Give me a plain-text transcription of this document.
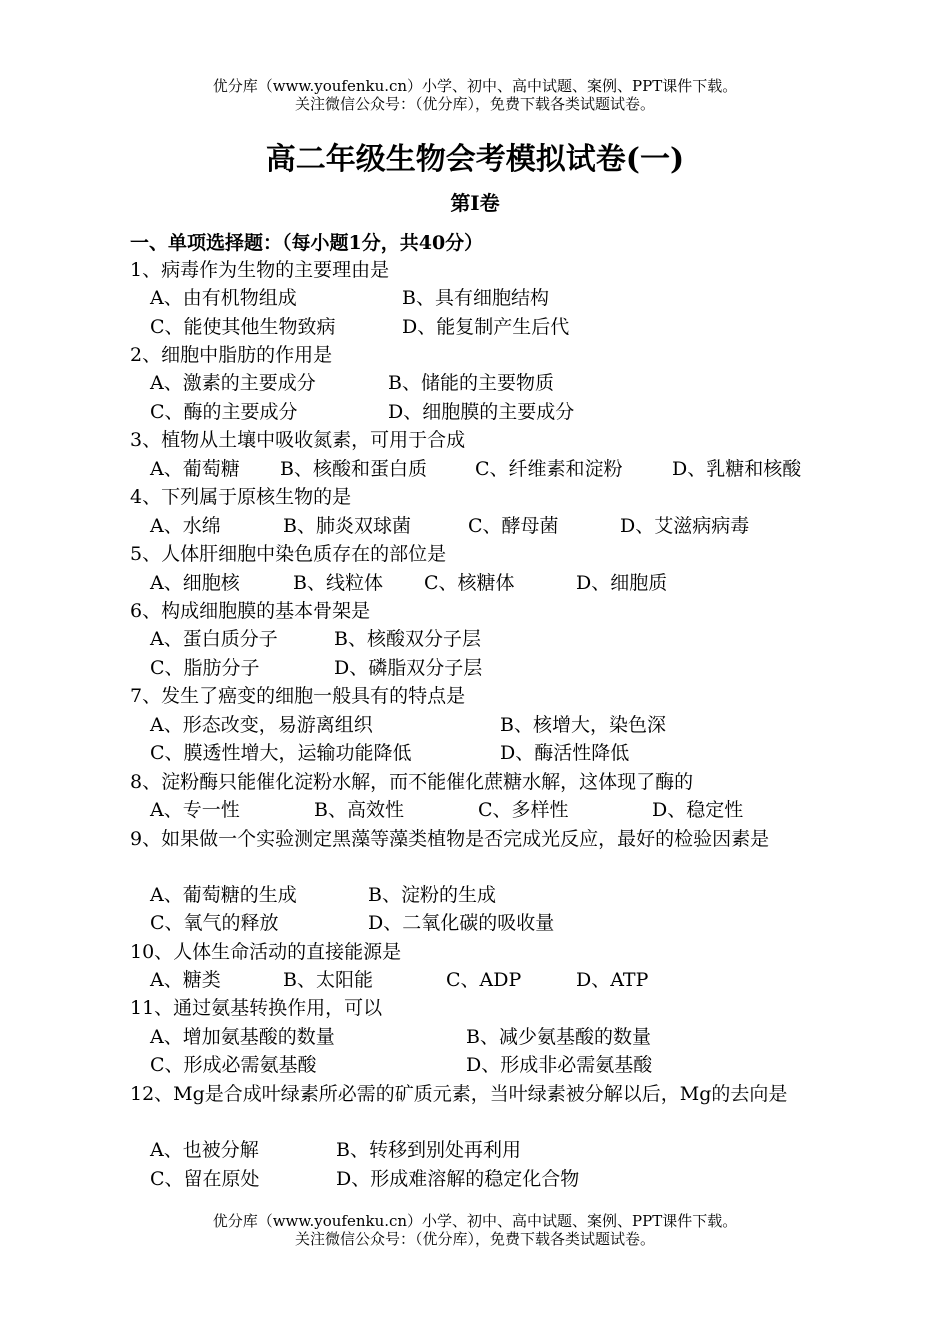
优分库（www.youfenku.cn）小学、初中、高中试题、案例、PPT课件下载。
关注微信公众号：（优分库），免费下载各类试题试卷。
高二年级生物会考模拟试卷(一)
第Ⅰ卷
一、单项选择题：（每小题1分，共40分）
1、病毒作为生物的主要理由是
A、由有机物组成	B、具有细胞结构
C、能使其他生物致病	D、能复制产生后代
2、细胞中脂肪的作用是
A、激素的主要成分	B、储能的主要物质
C、酶的主要成分	D、细胞膜的主要成分
3、植物从土壤中吸收氮素，可用于合成
A、葡萄糖 B、核酸和蛋白质	C、纤维素和淀粉	D、乳糖和核酸
4、下列属于原核生物的是
A、水绵	B、肺炎双球菌	C、酵母菌	D、艾滋病病毒
5、人体肝细胞中染色质存在的部位是
A、细胞核	B、线粒体 C、核糖体	D、细胞质
6、构成细胞膜的基本骨架是
A、蛋白质分子	B、核酸双分子层
C、脂肪分子	D、磷脂双分子层
7、发生了癌变的细胞一般具有的特点是
A、形态改变，易游离组织	B、核增大，染色深
C、膜透性增大，运输功能降低	D、酶活性降低
8、淀粉酶只能催化淀粉水解，而不能催化蔗糖水解，这体现了酶的
A、专一性	B、高效性	C、多样性	D、稳定性
9、如果做一个实验测定黑藻等藻类植物是否完成光反应，最好的检验因素是
A、葡萄糖的生成	B、淀粉的生成
C、氧气的释放	D、二氧化碳的吸收量
10、人体生命活动的直接能源是
A、糖类	B、太阳能	C、ADP	D、ATP
11、通过氨基转换作用，可以
A、增加氨基酸的数量	B、减少氨基酸的数量
C、形成必需氨基酸	D、形成非必需氨基酸
12、Mg是合成叶绿素所必需的矿质元素，当叶绿素被分解以后，Mg的去向是
A、也被分解	B、转移到别处再利用
C、留在原处	D、形成难溶解的稳定化合物
优分库（www.youfenku.cn）小学、初中、高中试题、案例、PPT课件下载。
关注微信公众号：（优分库），免费下载各类试题试卷。
